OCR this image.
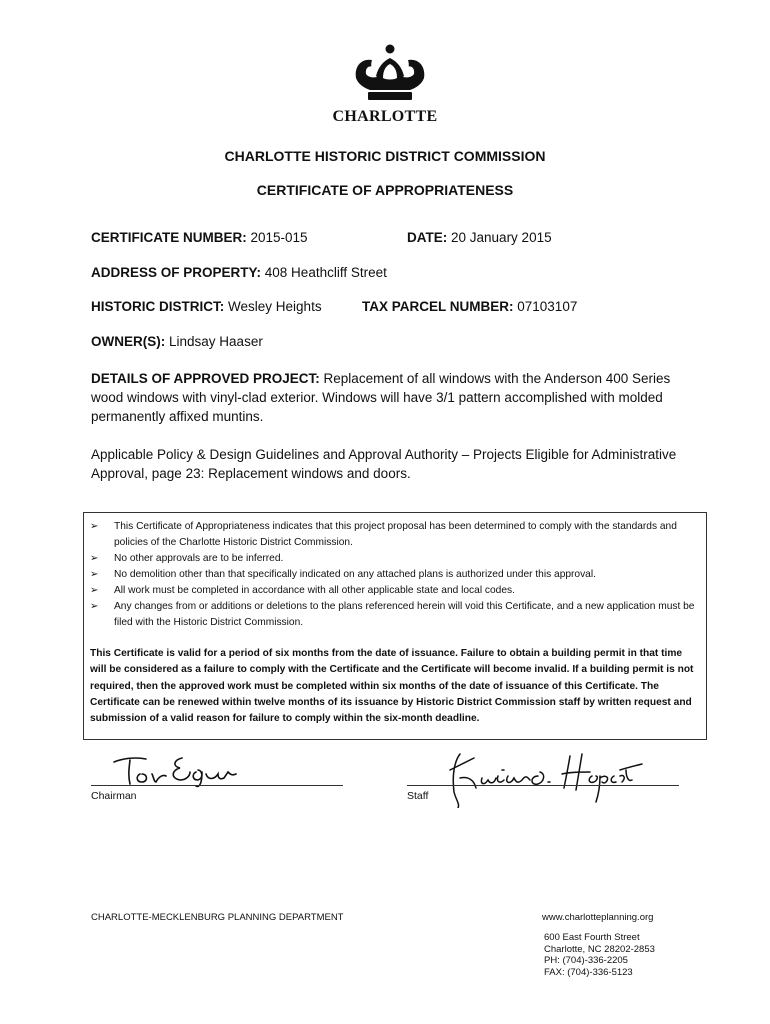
CHARLOTTE
CHARLOTTE HISTORIC DISTRICT COMMISSION
CERTIFICATE OF APPROPRIATENESS
CERTIFICATE NUMBER: 2015-015	DATE: 20 January 2015
ADDRESS OF PROPERTY: 408 Heathcliff Street
HISTORIC DISTRICT: Wesley Heights	TAX PARCEL NUMBER: 07103107
OWNER(S): Lindsay Haaser
DETAILS OF APPROVED PROJECT: Replacement of all windows with the Anderson 400 Series wood windows with vinyl-clad exterior. Windows will have 3/1 pattern accomplished with molded permanently affixed muntins.
Applicable Policy & Design Guidelines and Approval Authority – Projects Eligible for Administrative Approval, page 23: Replacement windows and doors.
➢ This Certificate of Appropriateness indicates that this project proposal has been determined to comply with the standards and policies of the Charlotte Historic District Commission.
➢ No other approvals are to be inferred.
➢ No demolition other than that specifically indicated on any attached plans is authorized under this approval.
➢ All work must be completed in accordance with all other applicable state and local codes.
➢ Any changes from or additions or deletions to the plans referenced herein will void this Certificate, and a new application must be filed with the Historic District Commission.
This Certificate is valid for a period of six months from the date of issuance. Failure to obtain a building permit in that time will be considered as a failure to comply with the Certificate and the Certificate will become invalid. If a building permit is not required, then the approved work must be completed within six months of the date of issuance of this Certificate. The Certificate can be renewed within twelve months of its issuance by Historic District Commission staff by written request and submission of a valid reason for failure to comply within the six-month deadline.
Chairman	Staff
CHARLOTTE-MECKLENBURG PLANNING DEPARTMENT	www.charlotteplanning.org
600 East Fourth Street
Charlotte, NC 28202-2853
PH: (704)-336-2205
FAX: (704)-336-5123
